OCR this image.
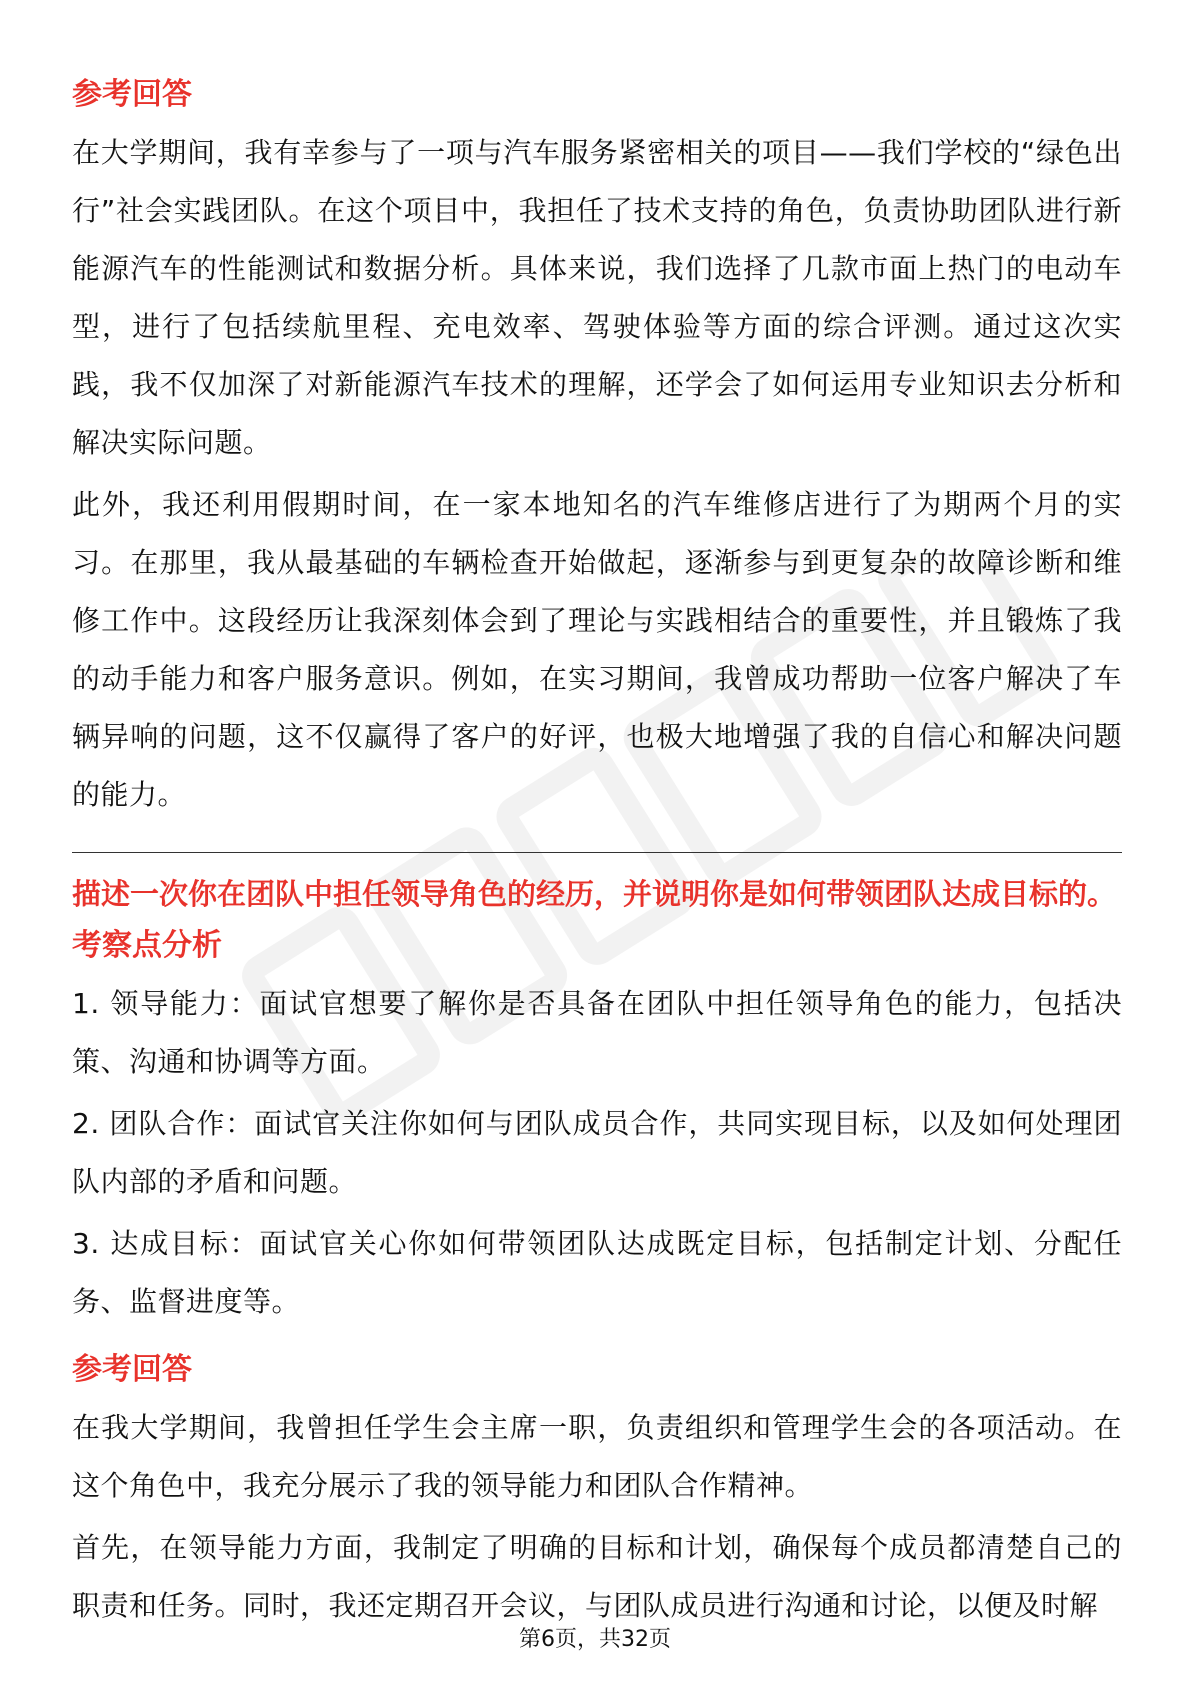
参考回答

在大学期间，我有幸参与了一项与汽车服务紧密相关的项目——我们学校的“绿色出行”社会实践团队。在这个项目中，我担任了技术支持的角色，负责协助团队进行新能源汽车的性能测试和数据分析。具体来说，我们选择了几款市面上热门的电动车型，进行了包括续航里程、充电效率、驾驶体验等方面的综合评测。通过这次实践，我不仅加深了对新能源汽车技术的理解，还学会了如何运用专业知识去分析和解决实际问题。

此外，我还利用假期时间，在一家本地知名的汽车维修店进行了为期两个月的实习。在那里，我从最基础的车辆检查开始做起，逐渐参与到更复杂的故障诊断和维修工作中。这段经历让我深刻体会到了理论与实践相结合的重要性，并且锻炼了我的动手能力和客户服务意识。例如，在实习期间，我曾成功帮助一位客户解决了车辆异响的问题，这不仅赢得了客户的好评，也极大地增强了我的自信心和解决问题的能力。

描述一次你在团队中担任领导角色的经历，并说明你是如何带领团队达成目标的。
考察点分析

1. 领导能力：面试官想要了解你是否具备在团队中担任领导角色的能力，包括决策、沟通和协调等方面。

2. 团队合作：面试官关注你如何与团队成员合作，共同实现目标，以及如何处理团队内部的矛盾和问题。

3. 达成目标：面试官关心你如何带领团队达成既定目标，包括制定计划、分配任务、监督进度等。

参考回答

在我大学期间，我曾担任学生会主席一职，负责组织和管理学生会的各项活动。在这个角色中，我充分展示了我的领导能力和团队合作精神。

首先，在领导能力方面，我制定了明确的目标和计划，确保每个成员都清楚自己的职责和任务。同时，我还定期召开会议，与团队成员进行沟通和讨论，以便及时解

第6页，共32页
